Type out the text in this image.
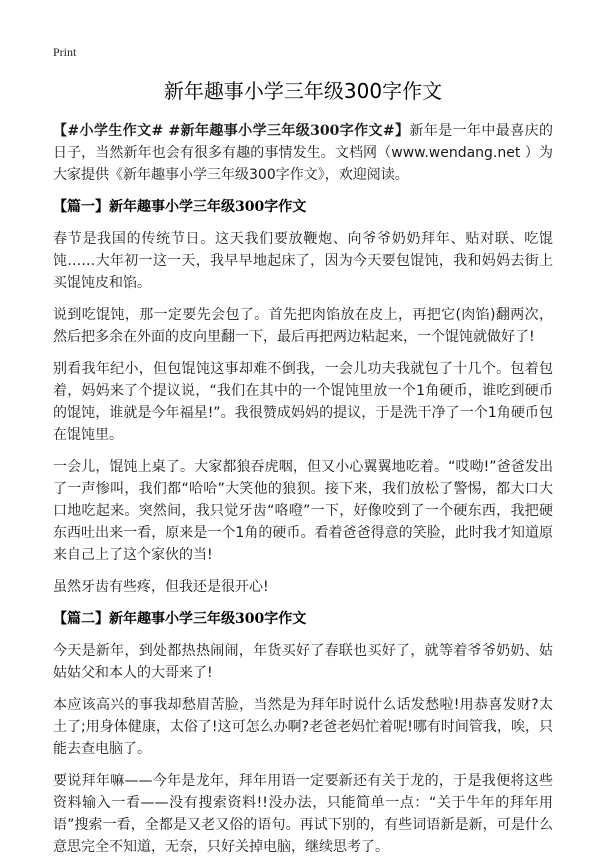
Print
新年趣事小学三年级300字作文

【#小学生作文# #新年趣事小学三年级300字作文#】新年是一年中最喜庆的日子，当然新年也会有很多有趣的事情发生。文档网（www.wendang.net ）为大家提供《新年趣事小学三年级300字作文》，欢迎阅读。

【篇一】新年趣事小学三年级300字作文

春节是我国的传统节日。这天我们要放鞭炮、向爷爷奶奶拜年、贴对联、吃馄饨……大年初一这一天，我早早地起床了，因为今天要包馄饨，我和妈妈去街上买馄饨皮和馅。

说到吃馄饨，那一定要先会包了。首先把肉馅放在皮上，再把它(肉馅)翻两次，然后把多余在外面的皮向里翻一下，最后再把两边粘起来，一个馄饨就做好了!

别看我年纪小，但包馄饨这事却难不倒我，一会儿功夫我就包了十几个。包着包着，妈妈来了个提议说，“我们在其中的一个馄饨里放一个1角硬币，谁吃到硬币的馄饨，谁就是今年福星!”。我很赞成妈妈的提议，于是洗干净了一个1角硬币包在馄饨里。

一会儿，馄饨上桌了。大家都狼吞虎咽，但又小心翼翼地吃着。“哎呦!”爸爸发出了一声惨叫，我们都“哈哈”大笑他的狼狈。接下来，我们放松了警惕，都大口大口地吃起来。突然间，我只觉牙齿“咯噔”一下，好像咬到了一个硬东西，我把硬东西吐出来一看，原来是一个1角的硬币。看着爸爸得意的笑脸，此时我才知道原来自己上了这个家伙的当!

虽然牙齿有些疼，但我还是很开心!

【篇二】新年趣事小学三年级300字作文

今天是新年，到处都热热闹闹，年货买好了春联也买好了，就等着爷爷奶奶、姑姑姑父和本人的大哥来了!

本应该高兴的事我却愁眉苦脸，当然是为拜年时说什么话发愁啦!用恭喜发财?太土了;用身体健康，太俗了!这可怎么办啊?老爸老妈忙着呢!哪有时间管我，唉，只能去查电脑了。

要说拜年嘛——今年是龙年，拜年用语一定要新还有关于龙的，于是我便将这些资料输入一看——没有搜索资料!!没办法，只能简单一点：“关于牛年的拜年用语”搜索一看，全都是又老又俗的语句。再试下别的，有些词语新是新，可是什么意思完全不知道，无奈，只好关掉电脑，继续思考了。
